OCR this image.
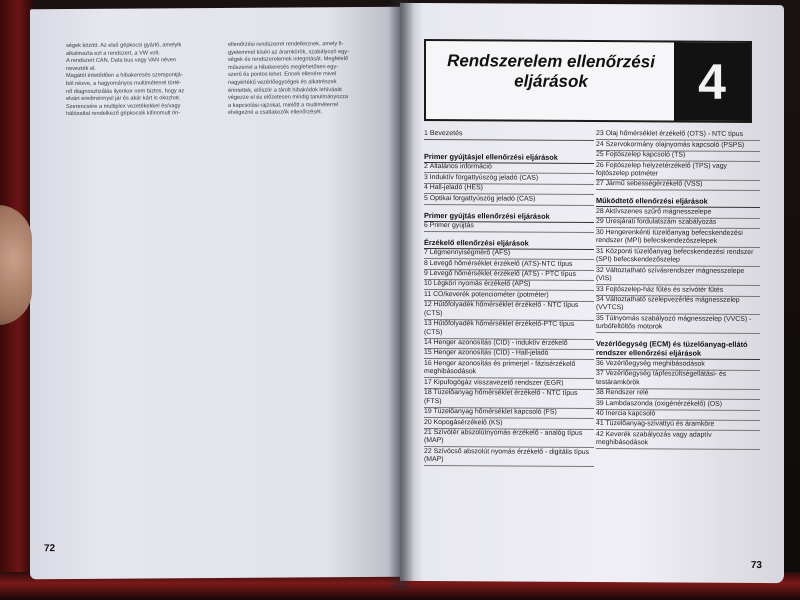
ségek között. Az első gépkocsi gyártó, amelyik

alkalmazta ezt a rendszert, a VW volt.

A rendszert CAN, Data bus vagy VAN néven

nevezték el.

Magától értetődően a hibakeresés szempontjá-

ból nézve, a hagyományos multiméterrel törté-

nő diagnosztizálás ilyenkor nem biztos, hogy az

elvárt eredménnyel jár és akár kárt is okozhat.

Szerencsére a multiplex vezetékekkel és/vagy

hálózattal rendelkező gépkocsik kifinomult ön-

ellenőrzési rendszerrel rendelkeznek, amely fi-

gyelemmel kíséri az áramkörök, szabályozó egy-

ségek és rendszerelemek integritását. Megfelelő

műszerrel a hibakeresés meglehetősen egy-

szerű és pontos lehet. Ennek ellenére mivel

nagyértékű vezérlőegységek és alkatrészek

érintettek, először a tárolt hibakódok lehívását

végezze el és előzetesen mindig tanulmányozza

a kapcsolási rajzokat, mielőtt a multiméterrel

elvégezné a csatlakozók ellenőrzését.

72
Rendszerelem ellenőrzési
eljárások	4
1 Bevezetés
Primer gyújtásjel ellenőrzési eljárások
2 Általános információ
3 Induktív forgattyúszög jeladó (CAS)
4 Hall-jeladó (HES)
5 Optikai forgattyúszög jeladó (CAS)
Primer gyújtás ellenőrzési eljárások
6 Primer gyújtás
Érzékelő ellenőrzési eljárások
7 Légmennyiségmérő (AFS)
8 Levegő hőmérséklet érzékelő (ATS)-NTC típus
9 Levegő hőmérséklet érzékelő (ATS) - PTC típus
10 Légköri nyomás érzékelő (APS)
11 CO/keverék potenciométer (potméter)
12 Hűtőfolyadék hőmérséklet érzékelő - NTC típus (CTS)
13 Hűtőfolyadék hőmérséklet érzékelő-PTC típus (CTS)
14 Henger azonosítás (CID) - induktív érzékelő
15 Henger azonosítás (CID) - Hall-jeladó
16 Henger azonosítás és primerjel - fázisérzékelő meghibásodások
17 Kipufogógáz visszavezető rendszer (EGR)
18 Tüzelőanyag hőmérséklet érzékelő - NTC típus (FTS)
19 Tüzelőanyag hőmérséklet kapcsoló (FS)
20 Kopogásérzékelő (KS)
21 Szívótér abszolútnyomás érzékelő - analóg típus (MAP)
22 Szívócső abszolút nyomás érzékelő - digitális típus (MAP)
23 Olaj hőmérséklet érzékelő (OTS) - NTC típus
24 Szervokormány olajnyomás kapcsoló (PSPS)
25 Fojtószelep kapcsoló (TS)
26 Fojtószelep helyzetérzékelő (TPS) vagy fojtószelep potméter
27 Jármű sebességérzékelő (VSS)
Működtető ellenőrzési eljárások
28 Aktívszenes szűrő mágnesszelepe
29 Üresjárati fordulatszám szabályozás
30 Hengerenkénti tüzelőanyag befecskendezési rendszer (MPI) befecskendezőszelepek
31 Központi tüzelőanyag befecskendezési rendszer (SPI) befecskendezőszelep
32 Változtatható szívásrendszer mágnesszelepe (VIS)
33 Fojtószelep-ház fűtés és szívótér fűtés
34 Változtatható szelepvezérlés mágnesszelep (VVTCS)
35 Túlnyomás szabályozó mágnesszelep (VVCS) - turbófeltöltős motorok
Vezérlőegység (ECM) és tüzelőanyag-ellátó rendszer ellenőrzési eljárások
36 Vezérlőegység meghibásodások
37 Vezérlőegység tápfeszültségellátási- és testáramkörök
38 Rendszer relé
39 Lambdaszonda (oxigénérzékelő) (OS)
40 Inercia kapcsoló
41 Tüzelőanyag-szivattyú és áramköre
42 Keverék szabályozás vagy adaptív meghibásodások
73
